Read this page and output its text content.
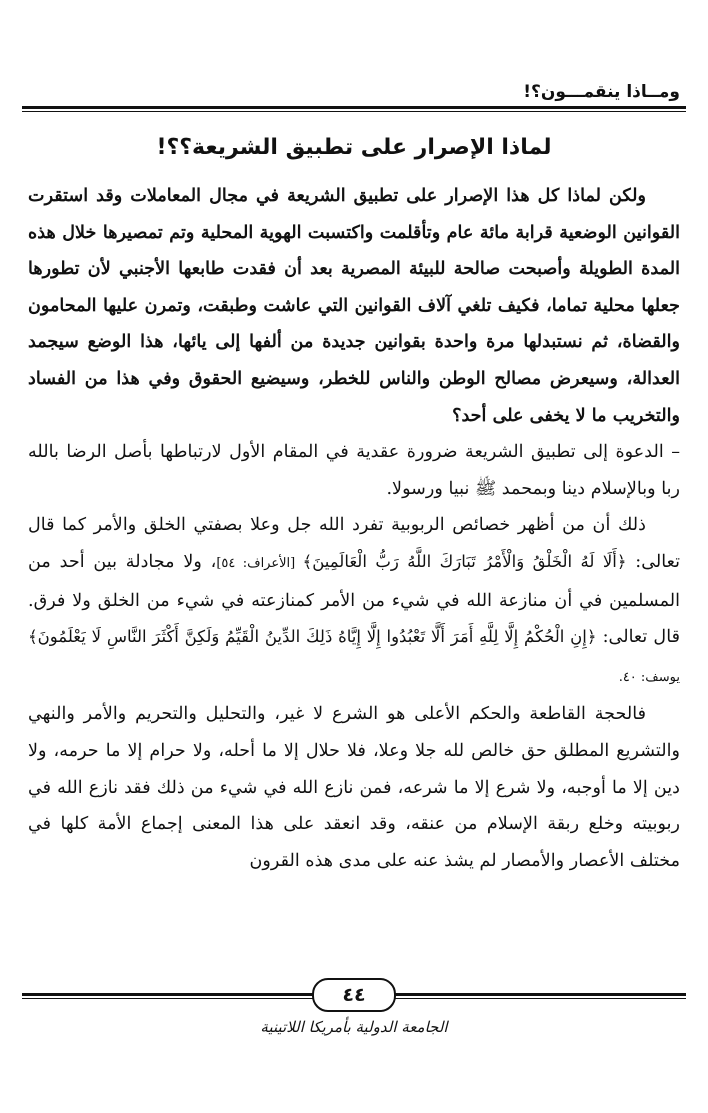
ومــاذا ينقمـــون؟!
لماذا الإصرار على تطبيق الشريعة؟؟!

ولكن لماذا كل هذا الإصرار على تطبيق الشريعة في مجال المعاملات وقد استقرت القوانين الوضعية قرابة مائة عام وتأقلمت واكتسبت الهوية المحلية وتم تمصيرها خلال هذه المدة الطويلة وأصبحت صالحة للبيئة المصرية بعد أن فقدت طابعها الأجنبي لأن تطورها جعلها محلية تماما، فكيف تلغي آلاف القوانين التي عاشت وطبقت، وتمرن عليها المحامون والقضاة، ثم نستبدلها مرة واحدة بقوانين جديدة من ألفها إلى يائها، هذا الوضع سيجمد العدالة، وسيعرض مصالح الوطن والناس للخطر، وسيضيع الحقوق وفي هذا من الفساد والتخريب ما لا يخفى على أحد؟

– الدعوة إلى تطبيق الشريعة ضرورة عقدية في المقام الأول لارتباطها بأصل الرضا بالله ربا وبالإسلام دينا وبمحمد ﷺ نبيا ورسولا.

ذلك أن من أظهر خصائص الربوبية تفرد الله جل وعلا بصفتي الخلق والأمر كما قال تعالى: ﴿أَلَا لَهُ الْخَلْقُ وَالْأَمْرُ تَبَارَكَ اللَّهُ رَبُّ الْعَالَمِينَ﴾ [الأعراف: ٥٤]، ولا مجادلة بين أحد من المسلمين في أن منازعة الله في شيء من الأمر كمنازعته في شيء من الخلق ولا فرق. قال تعالى: ﴿إِنِ الْحُكْمُ إِلَّا لِلَّهِ أَمَرَ أَلَّا تَعْبُدُوا إِلَّا إِيَّاهُ ذَلِكَ الدِّينُ الْقَيِّمُ وَلَكِنَّ أَكْثَرَ النَّاسِ لَا يَعْلَمُونَ﴾ يوسف: ٤٠.

فالحجة القاطعة والحكم الأعلى هو الشرع لا غير، والتحليل والتحريم والأمر والنهي والتشريع المطلق حق خالص لله جلا وعلا، فلا حلال إلا ما أحله، ولا حرام إلا ما حرمه، ولا دين إلا ما أوجبه، ولا شرع إلا ما شرعه، فمن نازع الله في شيء من ذلك فقد نازع الله في ربوبيته وخلع ربقة الإسلام من عنقه، وقد انعقد على هذا المعنى إجماع الأمة كلها في مختلف الأعصار والأمصار لم يشذ عنه على مدى هذه القرون

٤٤
الجامعة الدولية بأمريكا اللاتينية
